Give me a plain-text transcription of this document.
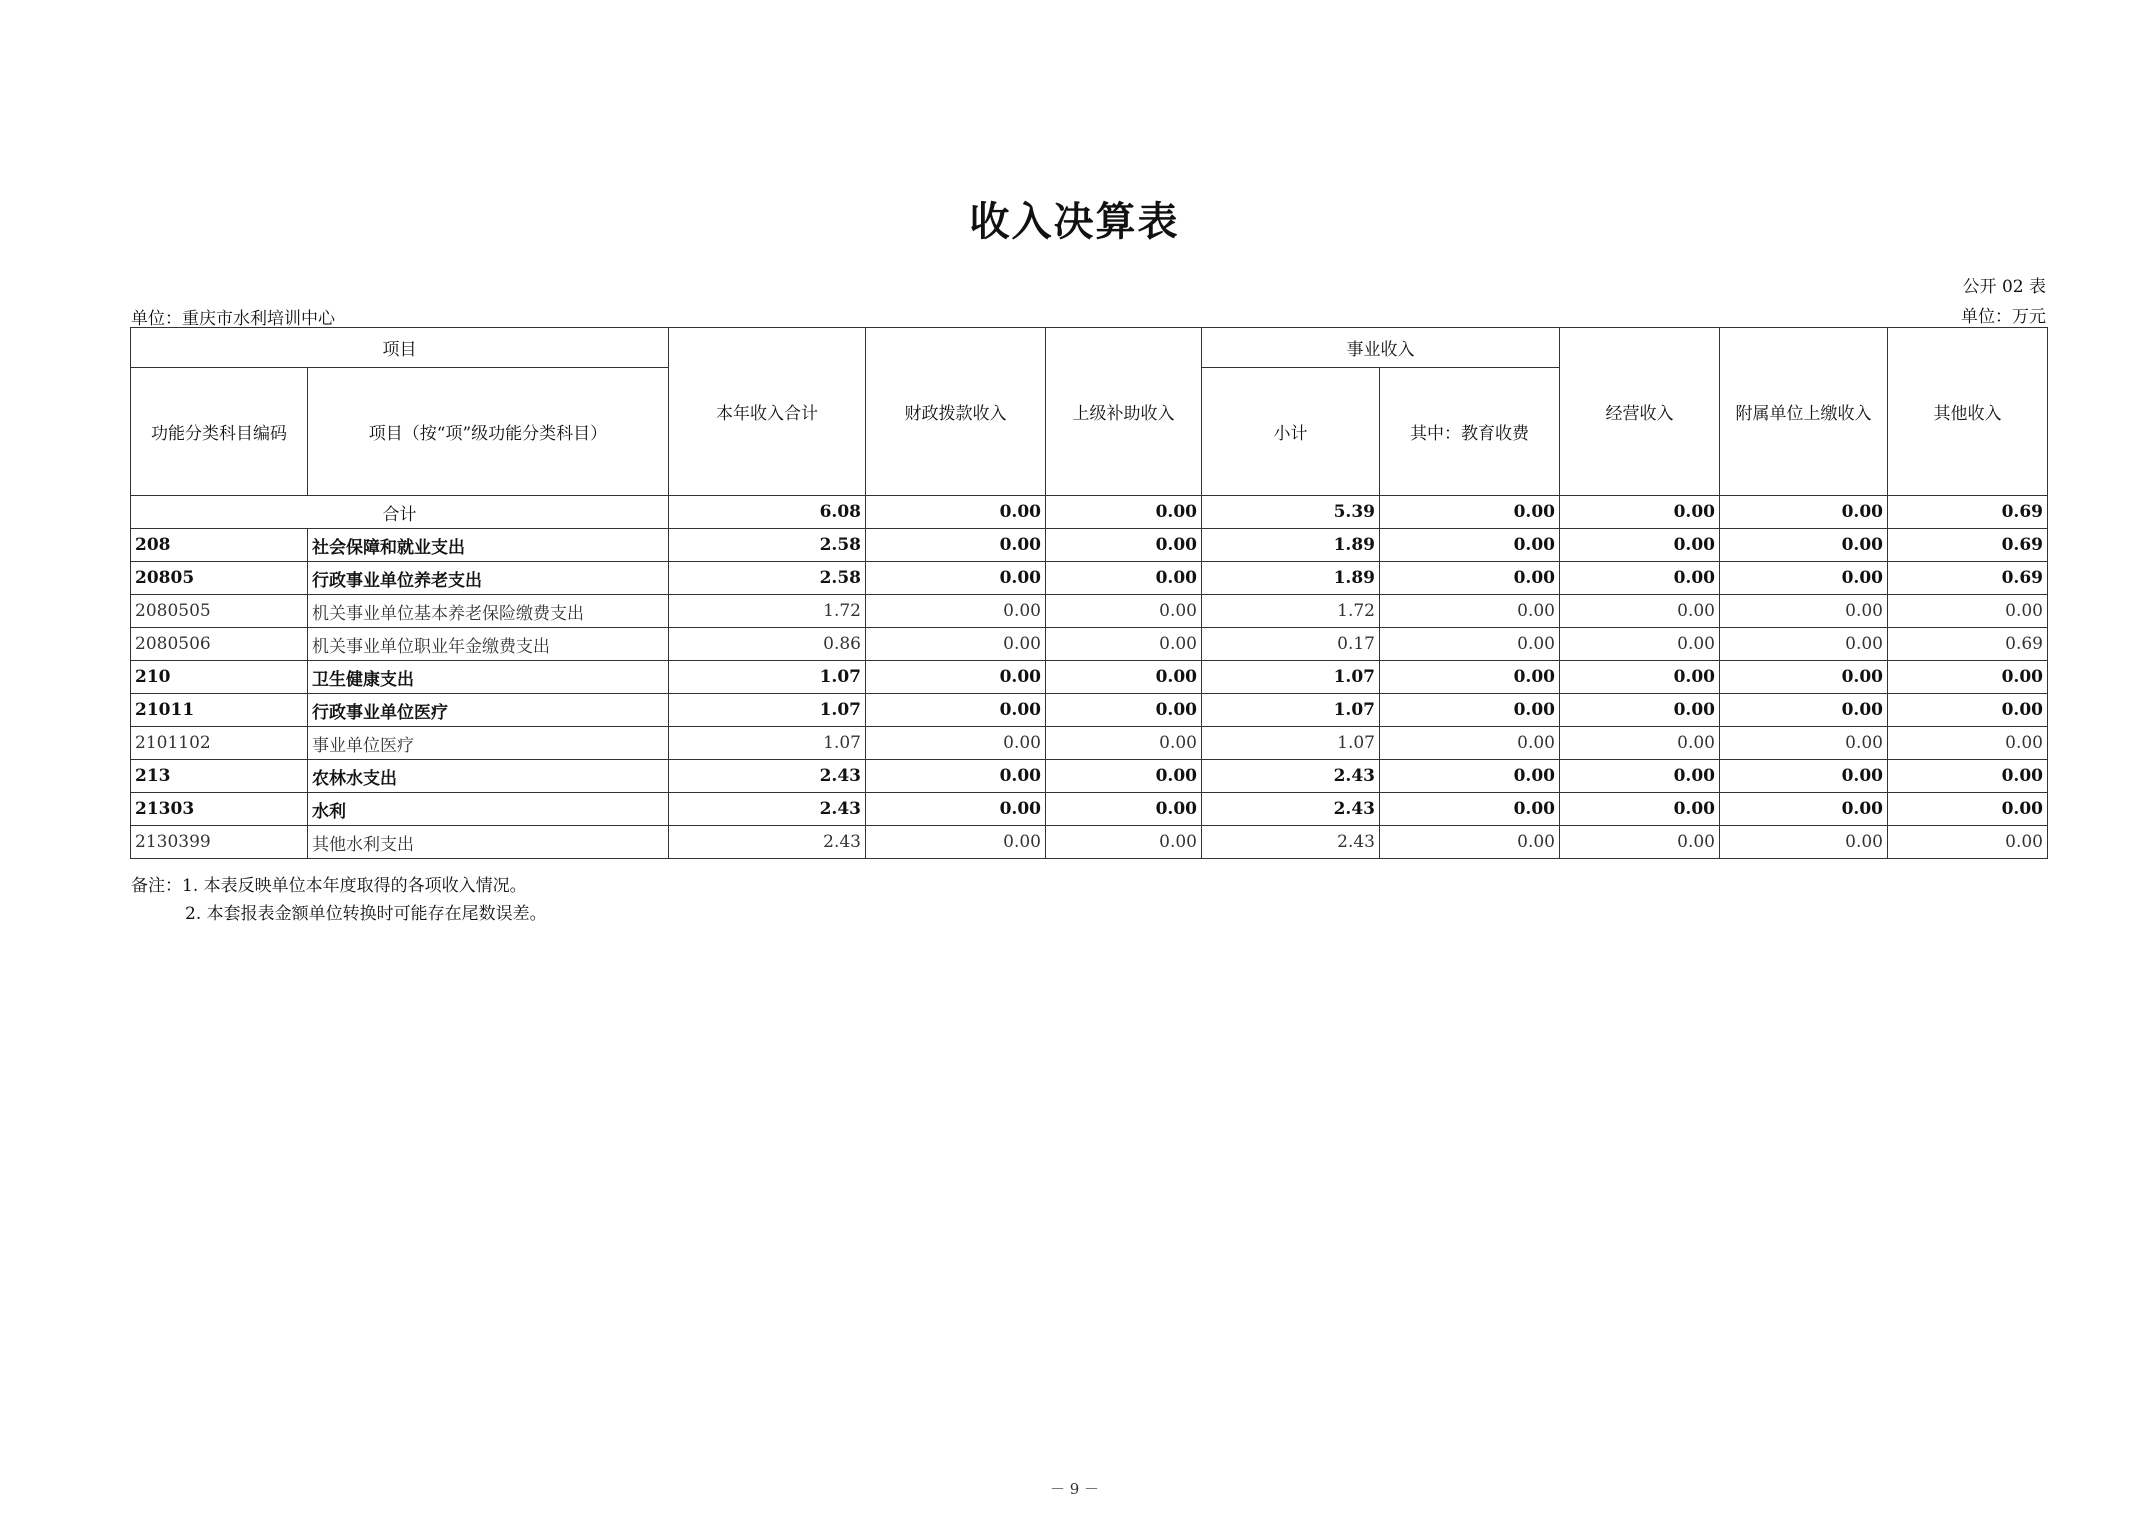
收入决算表
公开 02 表
单位：重庆市水利培训中心	单位：万元
项目		本年收入合计	财政拨款收入	上级补助收入	事业收入		经营收入	附属单位上缴收入	其他收入
功能分类科目编码	项目（按“项”级功能分类科目）				小计	其中：教育收费			
合计		6.08	0.00	0.00	5.39	0.00	0.00	0.00	0.69
208	社会保障和就业支出	2.58	0.00	0.00	1.89	0.00	0.00	0.00	0.69
20805	行政事业单位养老支出	2.58	0.00	0.00	1.89	0.00	0.00	0.00	0.69
2080505	机关事业单位基本养老保险缴费支出	1.72	0.00	0.00	1.72	0.00	0.00	0.00	0.00
2080506	机关事业单位职业年金缴费支出	0.86	0.00	0.00	0.17	0.00	0.00	0.00	0.69
210	卫生健康支出	1.07	0.00	0.00	1.07	0.00	0.00	0.00	0.00
21011	行政事业单位医疗	1.07	0.00	0.00	1.07	0.00	0.00	0.00	0.00
2101102	事业单位医疗	1.07	0.00	0.00	1.07	0.00	0.00	0.00	0.00
213	农林水支出	2.43	0.00	0.00	2.43	0.00	0.00	0.00	0.00
21303	水利	2.43	0.00	0.00	2.43	0.00	0.00	0.00	0.00
2130399	其他水利支出	2.43	0.00	0.00	2.43	0.00	0.00	0.00	0.00
备注：1. 本表反映单位本年度取得的各项收入情况。
2. 本套报表金额单位转换时可能存在尾数误差。
－ 9 －
